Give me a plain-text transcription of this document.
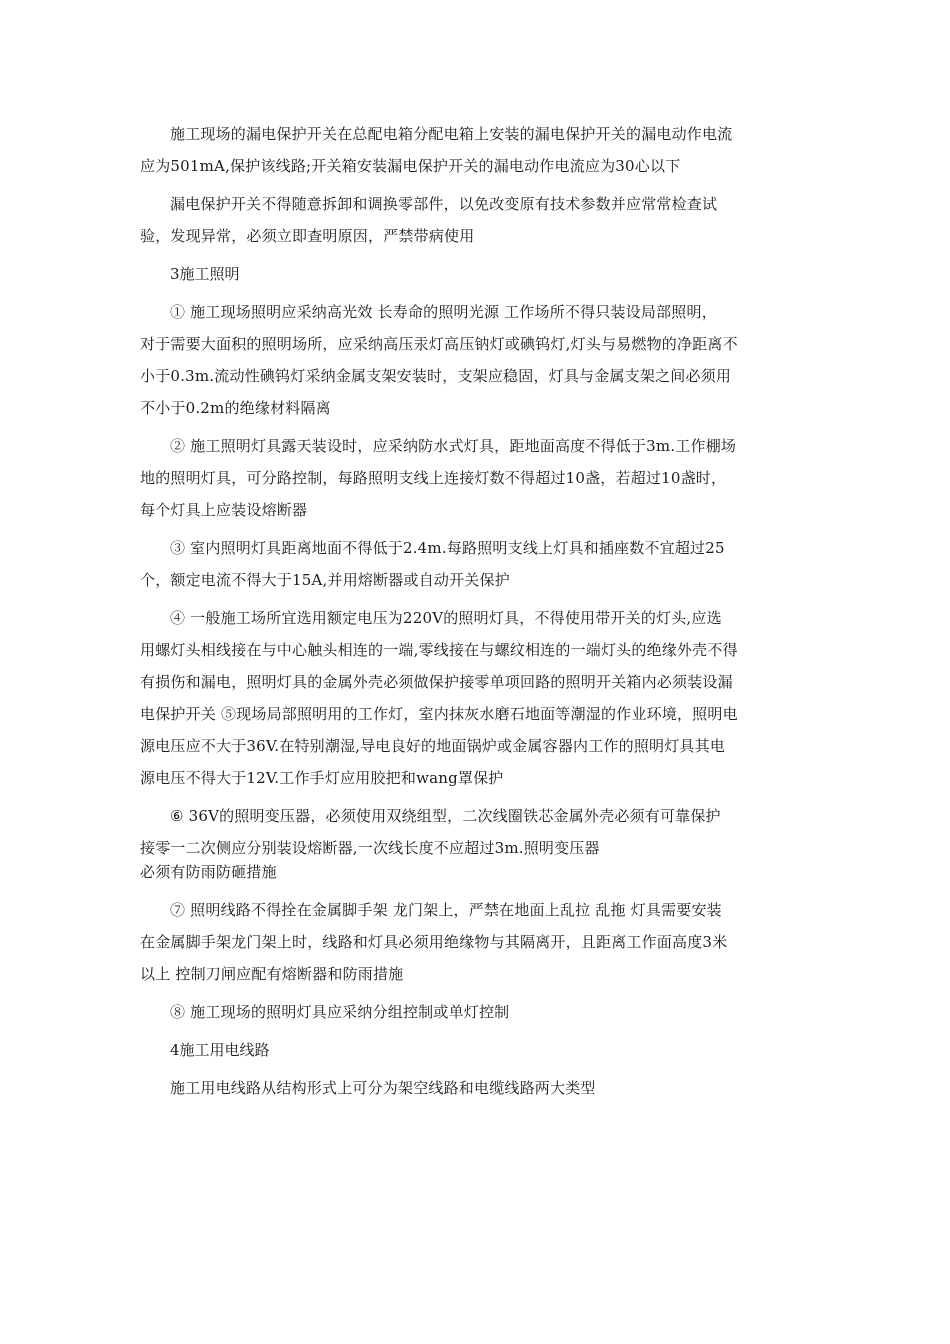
施工现场的漏电保护开关在总配电箱分配电箱上安装的漏电保护开关的漏电动作电流
应为501mA,保护该线路;开关箱安装漏电保护开关的漏电动作电流应为30心以下
漏电保护开关不得随意拆卸和调换零部件，以免改变原有技术参数并应常常检查试
验，发现异常，必须立即查明原因，严禁带病使用
3施工照明
① 施工现场照明应采纳高光效 长寿命的照明光源 工作场所不得只装设局部照明，
对于需要大面积的照明场所，应采纳高压汞灯高压钠灯或碘钨灯,灯头与易燃物的净距离不
小于0.3m.流动性碘钨灯采纳金属支架安装时，支架应稳固，灯具与金属支架之间必须用
不小于0.2m的绝缘材料隔离
② 施工照明灯具露天装设时，应采纳防水式灯具，距地面高度不得低于3m.工作棚场
地的照明灯具，可分路控制，每路照明支线上连接灯数不得超过10盏，若超过10盏时，
每个灯具上应装设熔断器
③ 室内照明灯具距离地面不得低于2.4m.每路照明支线上灯具和插座数不宜超过25
个，额定电流不得大于15A,并用熔断器或自动开关保护
④ 一般施工场所宜选用额定电压为220V的照明灯具，不得使用带开关的灯头,应选
用螺灯头相线接在与中心触头相连的一端,零线接在与螺纹相连的一端灯头的绝缘外壳不得
有损伤和漏电，照明灯具的金属外壳必须做保护接零单项回路的照明开关箱内必须装设漏
电保护开关 ⑤现场局部照明用的工作灯，室内抹灰水磨石地面等潮湿的作业环境，照明电
源电压应不大于36V.在特别潮湿,导电良好的地面锅炉或金属容器内工作的照明灯具其电
源电压不得大于12V.工作手灯应用胶把和wang罩保护
⑥ 36V的照明变压器，必须使用双绕组型，二次线圈铁芯金属外壳必须有可靠保护
接零一二次侧应分别装设熔断器,一次线长度不应超过3m.照明变压器
必须有防雨防砸措施
⑦ 照明线路不得拴在金属脚手架 龙门架上，严禁在地面上乱拉 乱拖 灯具需要安装
在金属脚手架龙门架上时，线路和灯具必须用绝缘物与其隔离开，且距离工作面高度3米
以上 控制刀闸应配有熔断器和防雨措施
⑧ 施工现场的照明灯具应采纳分组控制或单灯控制
4施工用电线路
施工用电线路从结构形式上可分为架空线路和电缆线路两大类型
